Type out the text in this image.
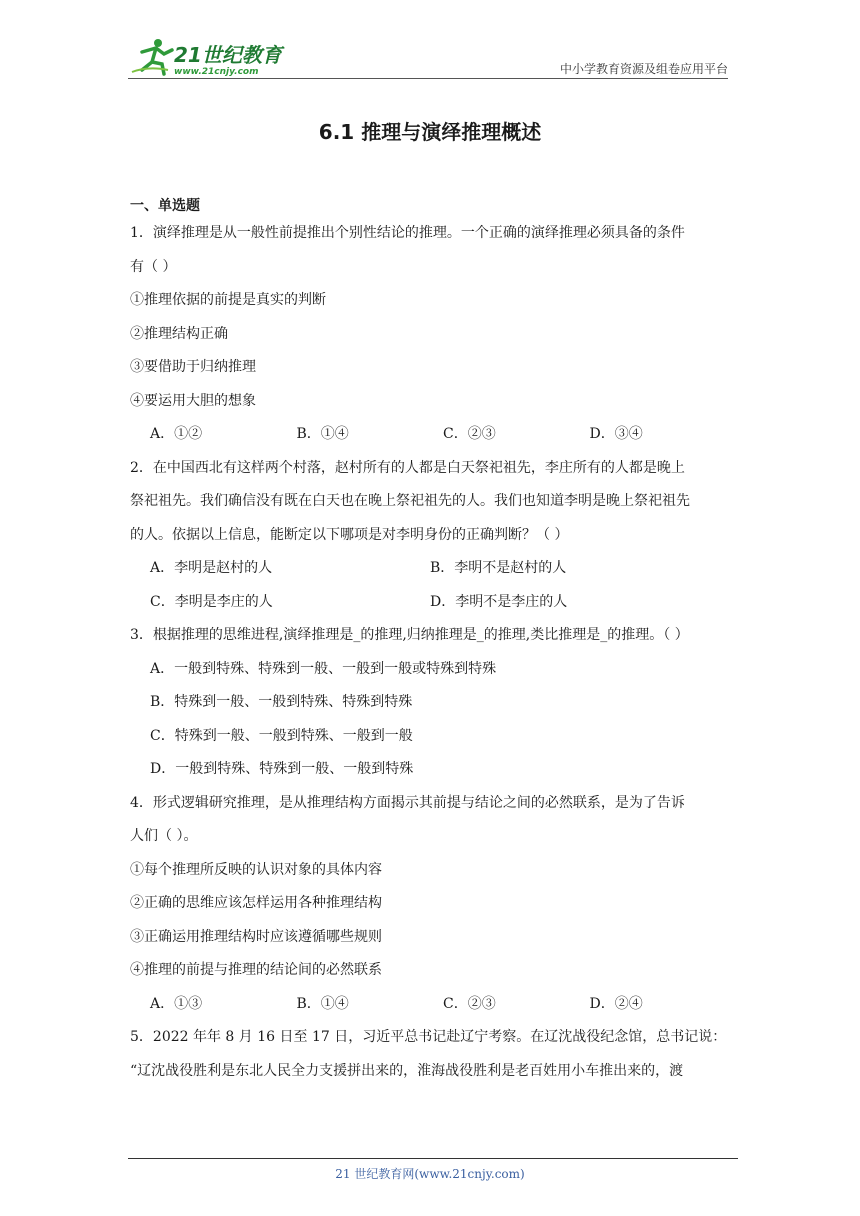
21世纪教育
www.21cnjy.com	中小学教育资源及组卷应用平台
6.1 推理与演绎推理概述
一、单选题
1．演绎推理是从一般性前提推出个别性结论的推理。一个正确的演绎推理必须具备的条件
有（ ）
①推理依据的前提是真实的判断
②推理结构正确
③要借助于归纳推理
④要运用大胆的想象
A．①②	B．①④	C．②③	D．③④
2．在中国西北有这样两个村落，赵村所有的人都是白天祭祀祖先，李庄所有的人都是晚上
祭祀祖先。我们确信没有既在白天也在晚上祭祀祖先的人。我们也知道李明是晚上祭祀祖先
的人。依据以上信息，能断定以下哪项是对李明身份的正确判断？（ ）
A．李明是赵村的人	B．李明不是赵村的人
C．李明是李庄的人	D．李明不是李庄的人
3．根据推理的思维进程,演绎推理是_的推理,归纳推理是_的推理,类比推理是_的推理。（ ）
A．一般到特殊、特殊到一般、一般到一般或特殊到特殊
B．特殊到一般、一般到特殊、特殊到特殊
C．特殊到一般、一般到特殊、一般到一般
D．一般到特殊、特殊到一般、一般到特殊
4．形式逻辑研究推理，是从推理结构方面揭示其前提与结论之间的必然联系，是为了告诉
人们（ ）。
①每个推理所反映的认识对象的具体内容
②正确的思维应该怎样运用各种推理结构
③正确运用推理结构时应该遵循哪些规则
④推理的前提与推理的结论间的必然联系
A．①③	B．①④	C．②③	D．②④
5．2022 年年 8 月 16 日至 17 日，习近平总书记赴辽宁考察。在辽沈战役纪念馆，总书记说：
“辽沈战役胜利是东北人民全力支援拼出来的，淮海战役胜利是老百姓用小车推出来的，渡
21 世纪教育网(www.21cnjy.com)
